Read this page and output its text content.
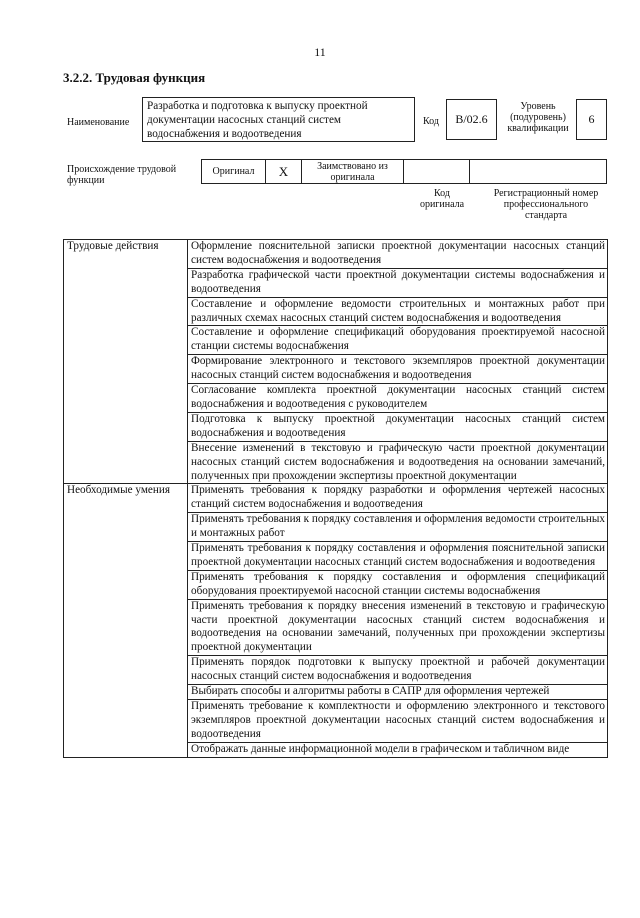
11
3.2.2. Трудовая функция
Наименование
Разработка и подготовка к выпуску проектной документации насосных станций систем водоснабжения и водоотведения
Код	B/02.6
Уровень
(подуровень)
квалификации
6
Происхождение трудовой функции
Оригинал	X	Заимствовано из оригинала
Код оригинала
Регистрационный номер профессионального стандарта
Трудовые действия	Оформление пояснительной записки проектной документации насосных станций систем водоснабжения и водоотведения
	Разработка графической части проектной документации системы водоснабжения и водоотведения
	Составление и оформление ведомости строительных и монтажных работ при различных схемах насосных станций систем водоснабжения и водоотведения
	Составление и оформление спецификаций оборудования проектируемой насосной станции системы водоснабжения
	Формирование электронного и текстового экземпляров проектной документации насосных станций систем водоснабжения и водоотведения
	Согласование комплекта проектной документации насосных станций систем водоснабжения и водоотведения с руководителем
	Подготовка к выпуску проектной документации насосных станций систем водоснабжения и водоотведения
	Внесение изменений в текстовую и графическую части проектной документации насосных станций систем водоснабжения и водоотведения на основании замечаний, полученных при прохождении экспертизы проектной документации
Необходимые умения	Применять требования к порядку разработки и оформления чертежей насосных станций систем водоснабжения и водоотведения
	Применять требования к порядку составления и оформления ведомости строительных и монтажных работ
	Применять требования к порядку составления и оформления пояснительной записки проектной документации насосных станций систем водоснабжения и водоотведения
	Применять требования к порядку составления и оформления спецификаций оборудования проектируемой насосной станции системы водоснабжения
	Применять требования к порядку внесения изменений в текстовую и графическую части проектной документации насосных станций систем водоснабжения и водоотведения на основании замечаний, полученных при прохождении экспертизы проектной документации
	Применять порядок подготовки к выпуску проектной и рабочей документации насосных станций систем водоснабжения и водоотведения
	Выбирать способы и алгоритмы работы в САПР для оформления чертежей
	Применять требование к комплектности и оформлению электронного и текстового экземпляров проектной документации насосных станций систем водоснабжения и водоотведения
	Отображать данные информационной модели в графическом и табличном виде
